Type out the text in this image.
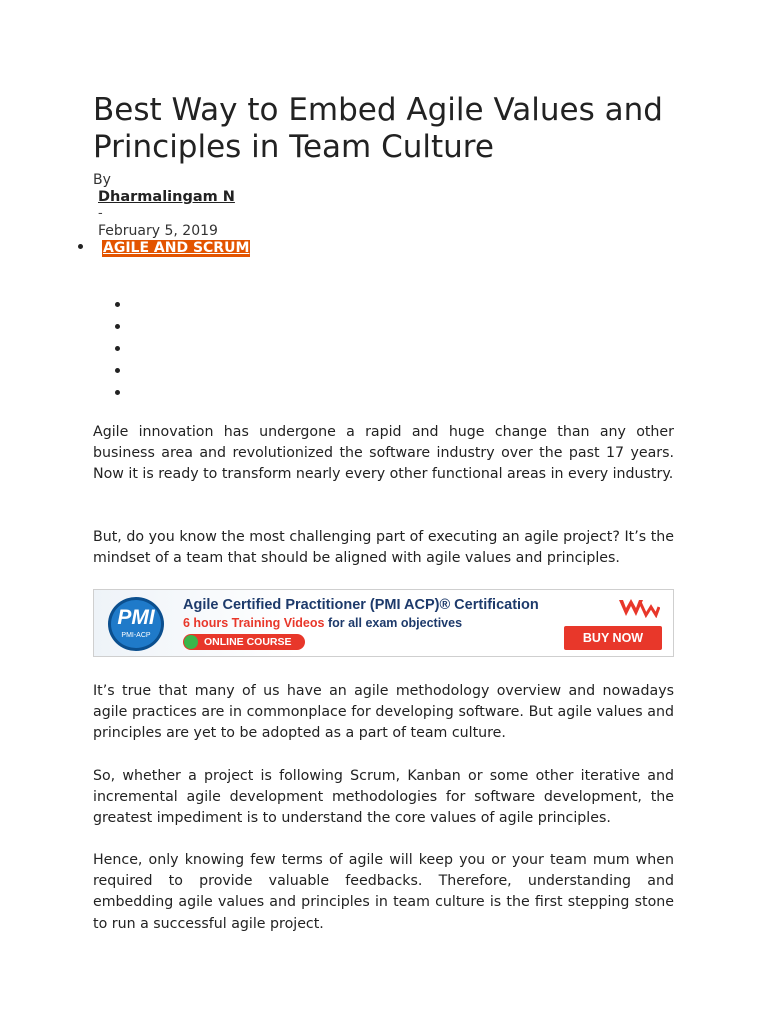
Best Way to Embed Agile Values and Principles in Team Culture
By
Dharmalingam N
-
February 5, 2019
AGILE AND SCRUM

Agile innovation has undergone a rapid and huge change than any other business area and revolutionized the software industry over the past 17 years. Now it is ready to transform nearly every other functional areas in every industry.

But, do you know the most challenging part of executing an agile project? It’s the mindset of a team that should be aligned with agile values and principles.

PMI
PMI-ACP
Agile Certified Practitioner (PMI ACP)® Certification
6 hours Training Videos for all exam objectives
ONLINE COURSE	BUY NOW

It’s true that many of us have an agile methodology overview and nowadays agile practices are in commonplace for developing software. But agile values and principles are yet to be adopted as a part of team culture.

So, whether a project is following Scrum, Kanban or some other iterative and incremental agile development methodologies for software development, the greatest impediment is to understand the core values of agile principles.

Hence, only knowing few terms of agile will keep you or your team mum when required to provide valuable feedbacks. Therefore, understanding and embedding agile values and principles in team culture is the first stepping stone to run a successful agile project.
